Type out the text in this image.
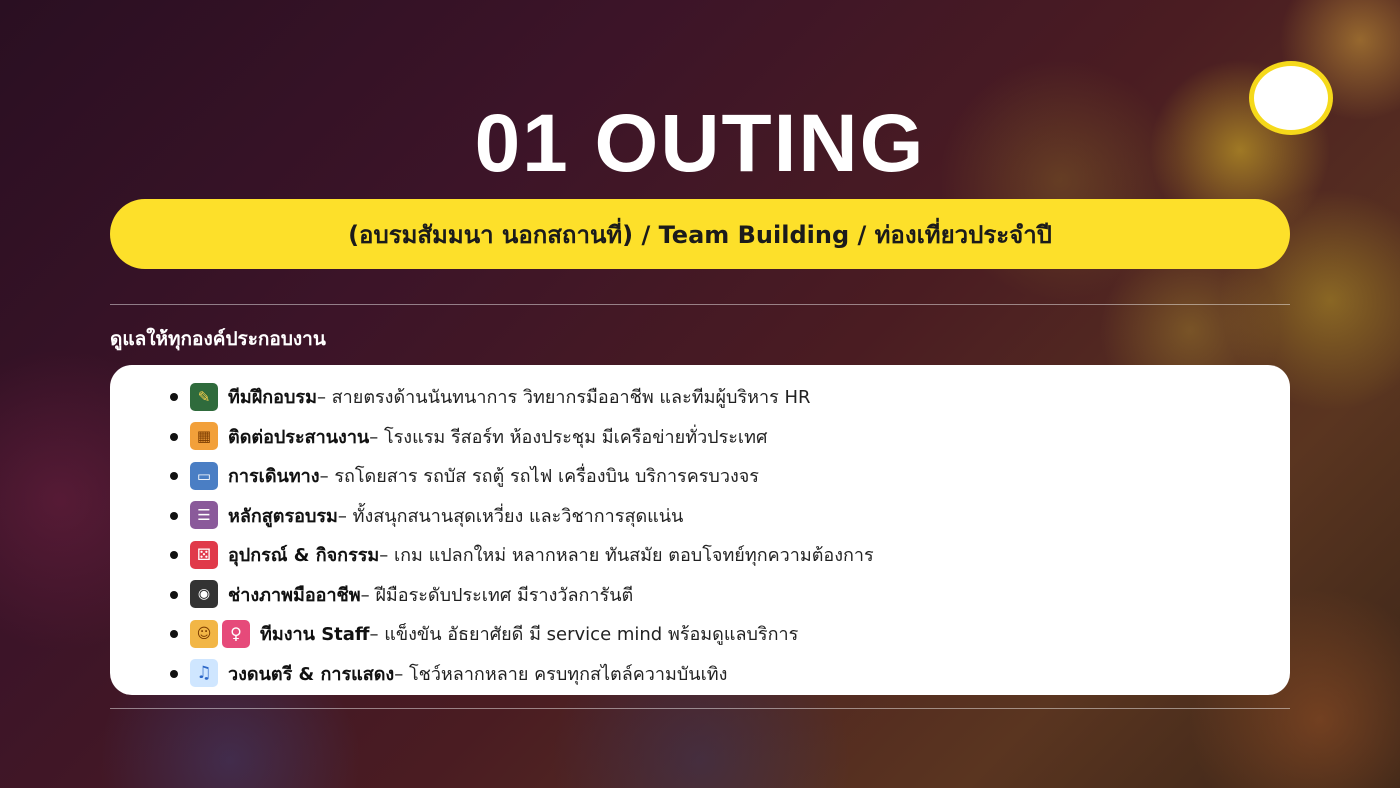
01 OUTING
(อบรมสัมมนา นอกสถานที่) / Team Building / ท่องเที่ยวประจำปี
ดูแลให้ทุกองค์ประกอบงาน
✎ ทีมฝึกอบรม – สายตรงด้านนันทนาการ วิทยากรมืออาชีพ และทีมผู้บริหาร HR
▦ ติดต่อประสานงาน – โรงแรม รีสอร์ท ห้องประชุม มีเครือข่ายทั่วประเทศ
▭ การเดินทาง – รถโดยสาร รถบัส รถตู้ รถไฟ เครื่องบิน บริการครบวงจร
☰ หลักสูตรอบรม – ทั้งสนุกสนานสุดเหวี่ยง และวิชาการสุดแน่น
⚄ อุปกรณ์ & กิจกรรม – เกม แปลกใหม่ หลากหลาย ทันสมัย ตอบโจทย์ทุกความต้องการ
◉ ช่างภาพมืออาชีพ – ฝีมือระดับประเทศ มีรางวัลการันตี
☺	♀	ทีมงาน Staff – แข็งขัน อัธยาศัยดี มี service mind พร้อมดูแลบริการ
♫ วงดนตรี & การแสดง – โชว์หลากหลาย ครบทุกสไตล์ความบันเทิง
